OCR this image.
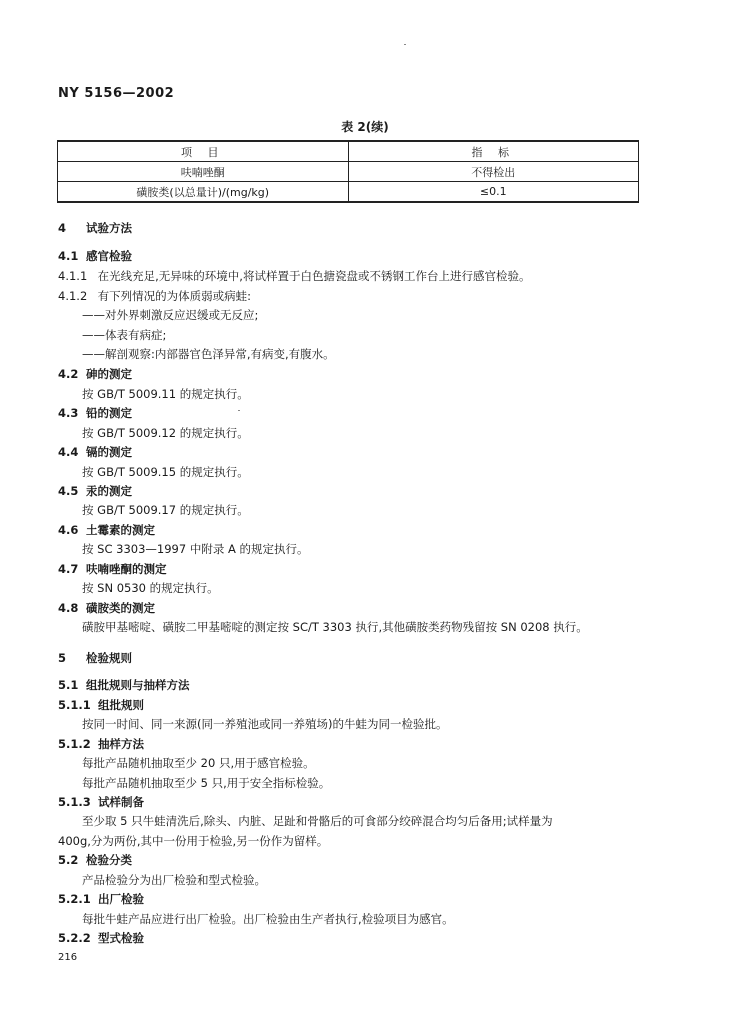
NY 5156—2002
表 2(续)
项 目	指 标
呋喃唑酮	不得检出
磺胺类(以总量计)/(mg/kg)	≤0.1
4 试验方法
4.1 感官检验
4.1.1 在光线充足,无异味的环境中,将试样置于白色搪瓷盘或不锈钢工作台上进行感官检验。
4.1.2 有下列情况的为体质弱或病蛙:
——对外界刺激反应迟缓或无反应;
——体表有病症;
——解剖观察:内部器官色泽异常,有病变,有腹水。
4.2 砷的测定
按 GB/T 5009.11 的规定执行。
4.3 铅的测定
按 GB/T 5009.12 的规定执行。
4.4 镉的测定
按 GB/T 5009.15 的规定执行。
4.5 汞的测定
按 GB/T 5009.17 的规定执行。
4.6 土霉素的测定
按 SC 3303—1997 中附录 A 的规定执行。
4.7 呋喃唑酮的测定
按 SN 0530 的规定执行。
4.8 磺胺类的测定
磺胺甲基嘧啶、磺胺二甲基嘧啶的测定按 SC/T 3303 执行,其他磺胺类药物残留按 SN 0208 执行。
5 检验规则
5.1 组批规则与抽样方法
5.1.1 组批规则
按同一时间、同一来源(同一养殖池或同一养殖场)的牛蛙为同一检验批。
5.1.2 抽样方法
每批产品随机抽取至少 20 只,用于感官检验。
每批产品随机抽取至少 5 只,用于安全指标检验。
5.1.3 试样制备
至少取 5 只牛蛙清洗后,除头、内脏、足趾和骨骼后的可食部分绞碎混合均匀后备用;试样量为
400g,分为两份,其中一份用于检验,另一份作为留样。
5.2 检验分类
产品检验分为出厂检验和型式检验。
5.2.1 出厂检验
每批牛蛙产品应进行出厂检验。出厂检验由生产者执行,检验项目为感官。
5.2.2 型式检验
216
